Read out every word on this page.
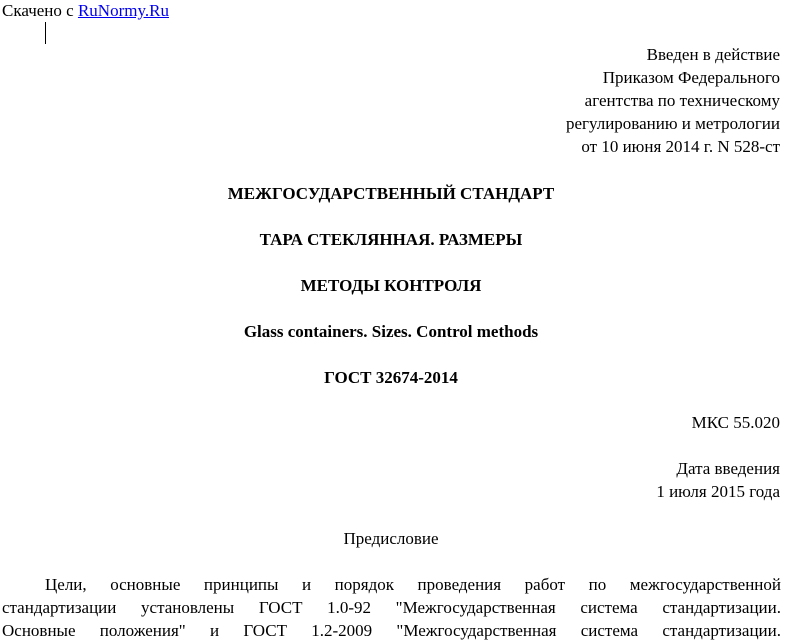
Скачено с RuNormy.Ru
Введен в действие
Приказом Федерального
агентства по техническому
регулированию и метрологии
от 10 июня 2014 г. N 528-ст
МЕЖГОСУДАРСТВЕННЫЙ СТАНДАРТ
ТАРА СТЕКЛЯННАЯ. РАЗМЕРЫ
МЕТОДЫ КОНТРОЛЯ
Glass containers. Sizes. Control methods
ГОСТ 32674-2014
МКС 55.020
Дата введения
1 июля 2015 года
Предисловие
Цели, основные принципы и порядок проведения работ по межгосударственной
стандартизации установлены ГОСТ 1.0-92 "Межгосударственная система стандартизации.
Основные положения" и ГОСТ 1.2-2009 "Межгосударственная система стандартизации.
